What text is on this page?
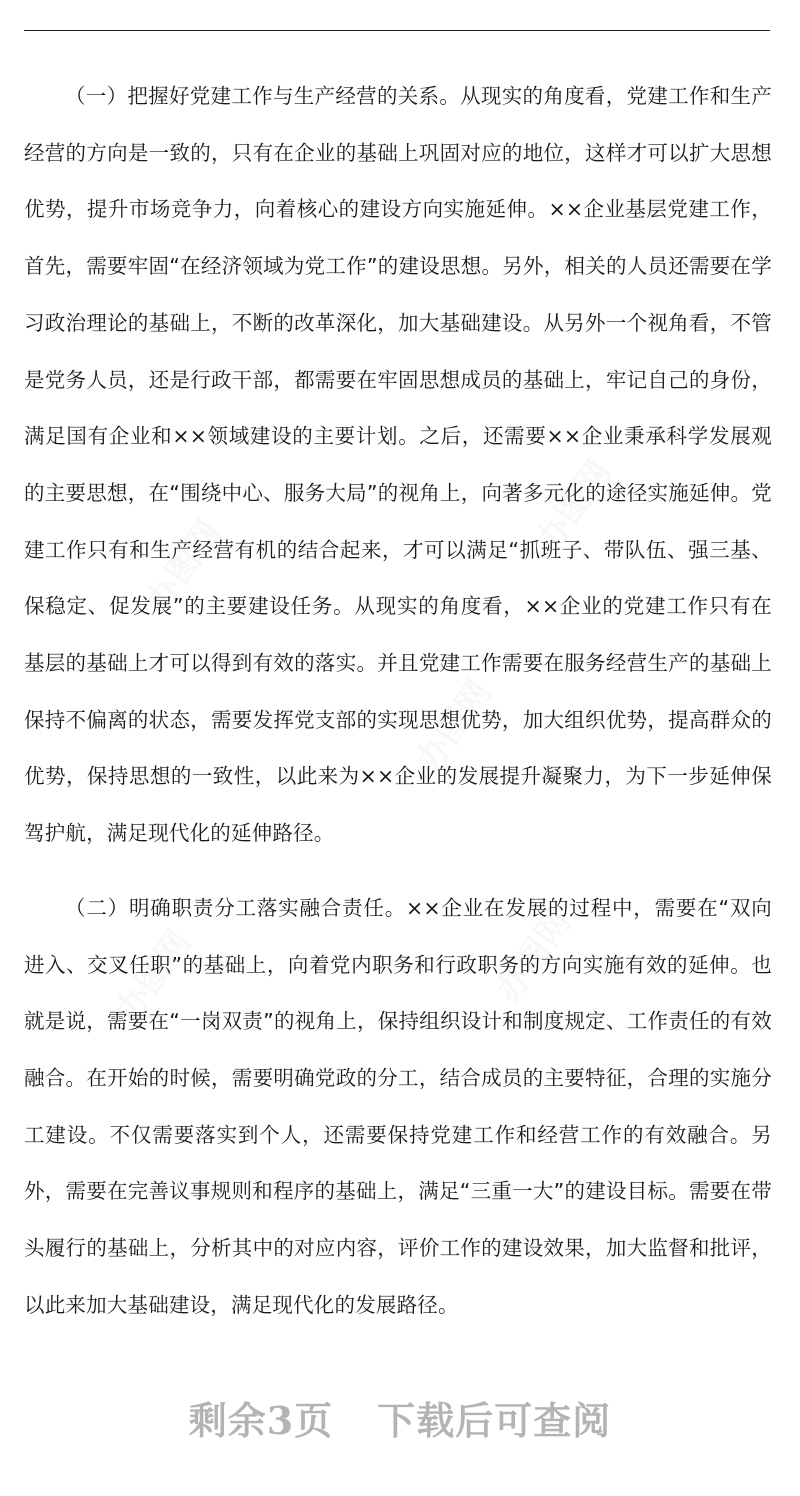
办图网
办图网
办图网	办图网
办图网

（一）把握好党建工作与生产经营的关系。从现实的角度看，党建工作和生产经营的方向是一致的，只有在企业的基础上巩固对应的地位，这样才可以扩大思想优势，提升市场竞争力，向着核心的建设方向实施延伸。××企业基层党建工作，首先，需要牢固“在经济领域为党工作”的建设思想。另外，相关的人员还需要在学习政治理论的基础上，不断的改革深化，加大基础建设。从另外一个视角看，不管是党务人员，还是行政干部，都需要在牢固思想成员的基础上，牢记自己的身份，满足国有企业和××领域建设的主要计划。之后，还需要××企业秉承科学发展观的主要思想，在“围绕中心、服务大局”的视角上，向著多元化的途径实施延伸。党建工作只有和生产经营有机的结合起来，才可以满足“抓班子、带队伍、强三基、保稳定、促发展”的主要建设任务。从现实的角度看，××企业的党建工作只有在基层的基础上才可以得到有效的落实。并且党建工作需要在服务经营生产的基础上保持不偏离的状态，需要发挥党支部的实现思想优势，加大组织优势，提高群众的优势，保持思想的一致性，以此来为××企业的发展提升凝聚力，为下一步延伸保驾护航，满足现代化的延伸路径。

（二）明确职责分工落实融合责任。××企业在发展的过程中，需要在“双向进入、交叉任职”的基础上，向着党内职务和行政职务的方向实施有效的延伸。也就是说，需要在“一岗双责”的视角上，保持组织设计和制度规定、工作责任的有效融合。在开始的时候，需要明确党政的分工，结合成员的主要特征，合理的实施分工建设。不仅需要落实到个人，还需要保持党建工作和经营工作的有效融合。另外，需要在完善议事规则和程序的基础上，满足“三重一大”的建设目标。需要在带头履行的基础上，分析其中的对应内容，评价工作的建设效果，加大监督和批评，以此来加大基础建设，满足现代化的发展路径。

剩余3页 下载后可查阅
